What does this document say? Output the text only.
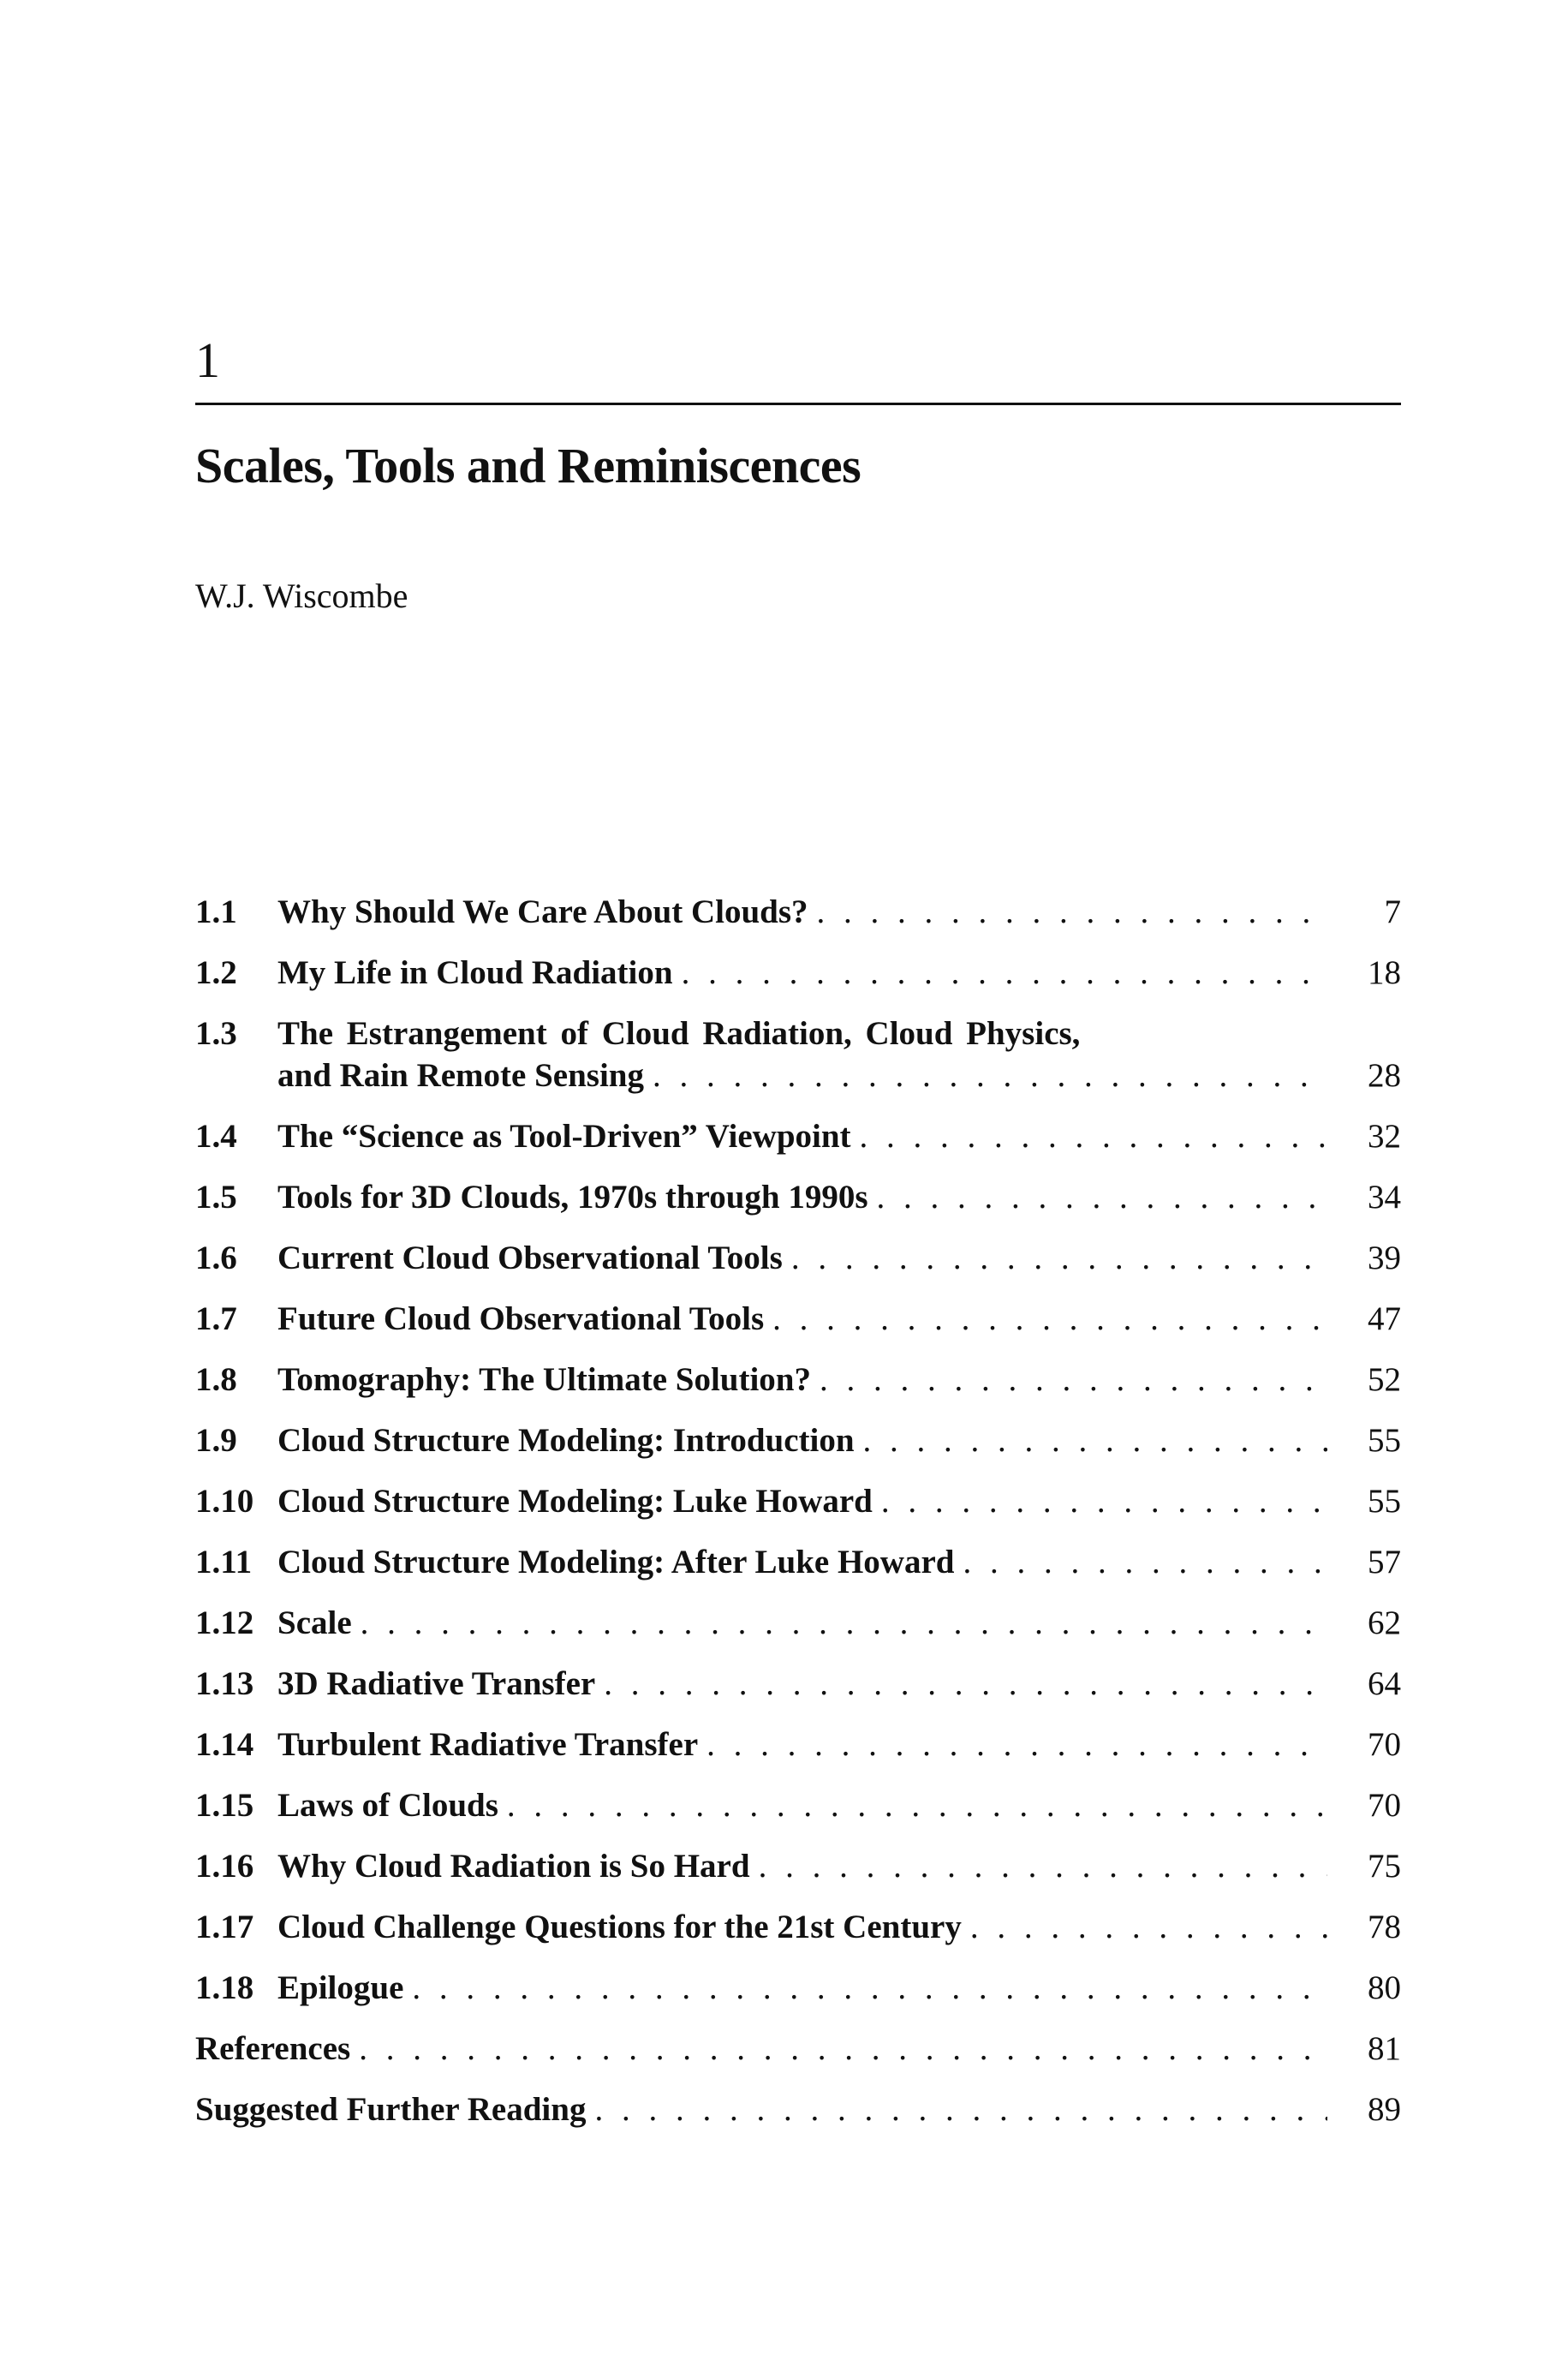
1
Scales, Tools and Reminiscences
W.J. Wiscombe
1.1	Why Should We Care About Clouds? . . .	7
1.2	My Life in Cloud Radiation . . .	18
1.3	The Estrangement of Cloud Radiation, Cloud Physics,
and Rain Remote Sensing . . .	28
1.4	The “Science as Tool-Driven” Viewpoint . . .	32
1.5	Tools for 3D Clouds, 1970s through 1990s . . .	34
1.6	Current Cloud Observational Tools . . .	39
1.7	Future Cloud Observational Tools . . .	47
1.8	Tomography: The Ultimate Solution? . . .	52
1.9	Cloud Structure Modeling: Introduction . . .	55
1.10 Cloud Structure Modeling: Luke Howard . . .	55
1.11 Cloud Structure Modeling: After Luke Howard . . .	57
1.12 Scale . . .	62
1.13 3D Radiative Transfer . . .	64
1.14 Turbulent Radiative Transfer . . .	70
1.15 Laws of Clouds . . .	70
1.16 Why Cloud Radiation is So Hard . . .	75
1.17 Cloud Challenge Questions for the 21st Century . . .	78
1.18 Epilogue . . .	80
References . . .	81
Suggested Further Reading . . .	89
